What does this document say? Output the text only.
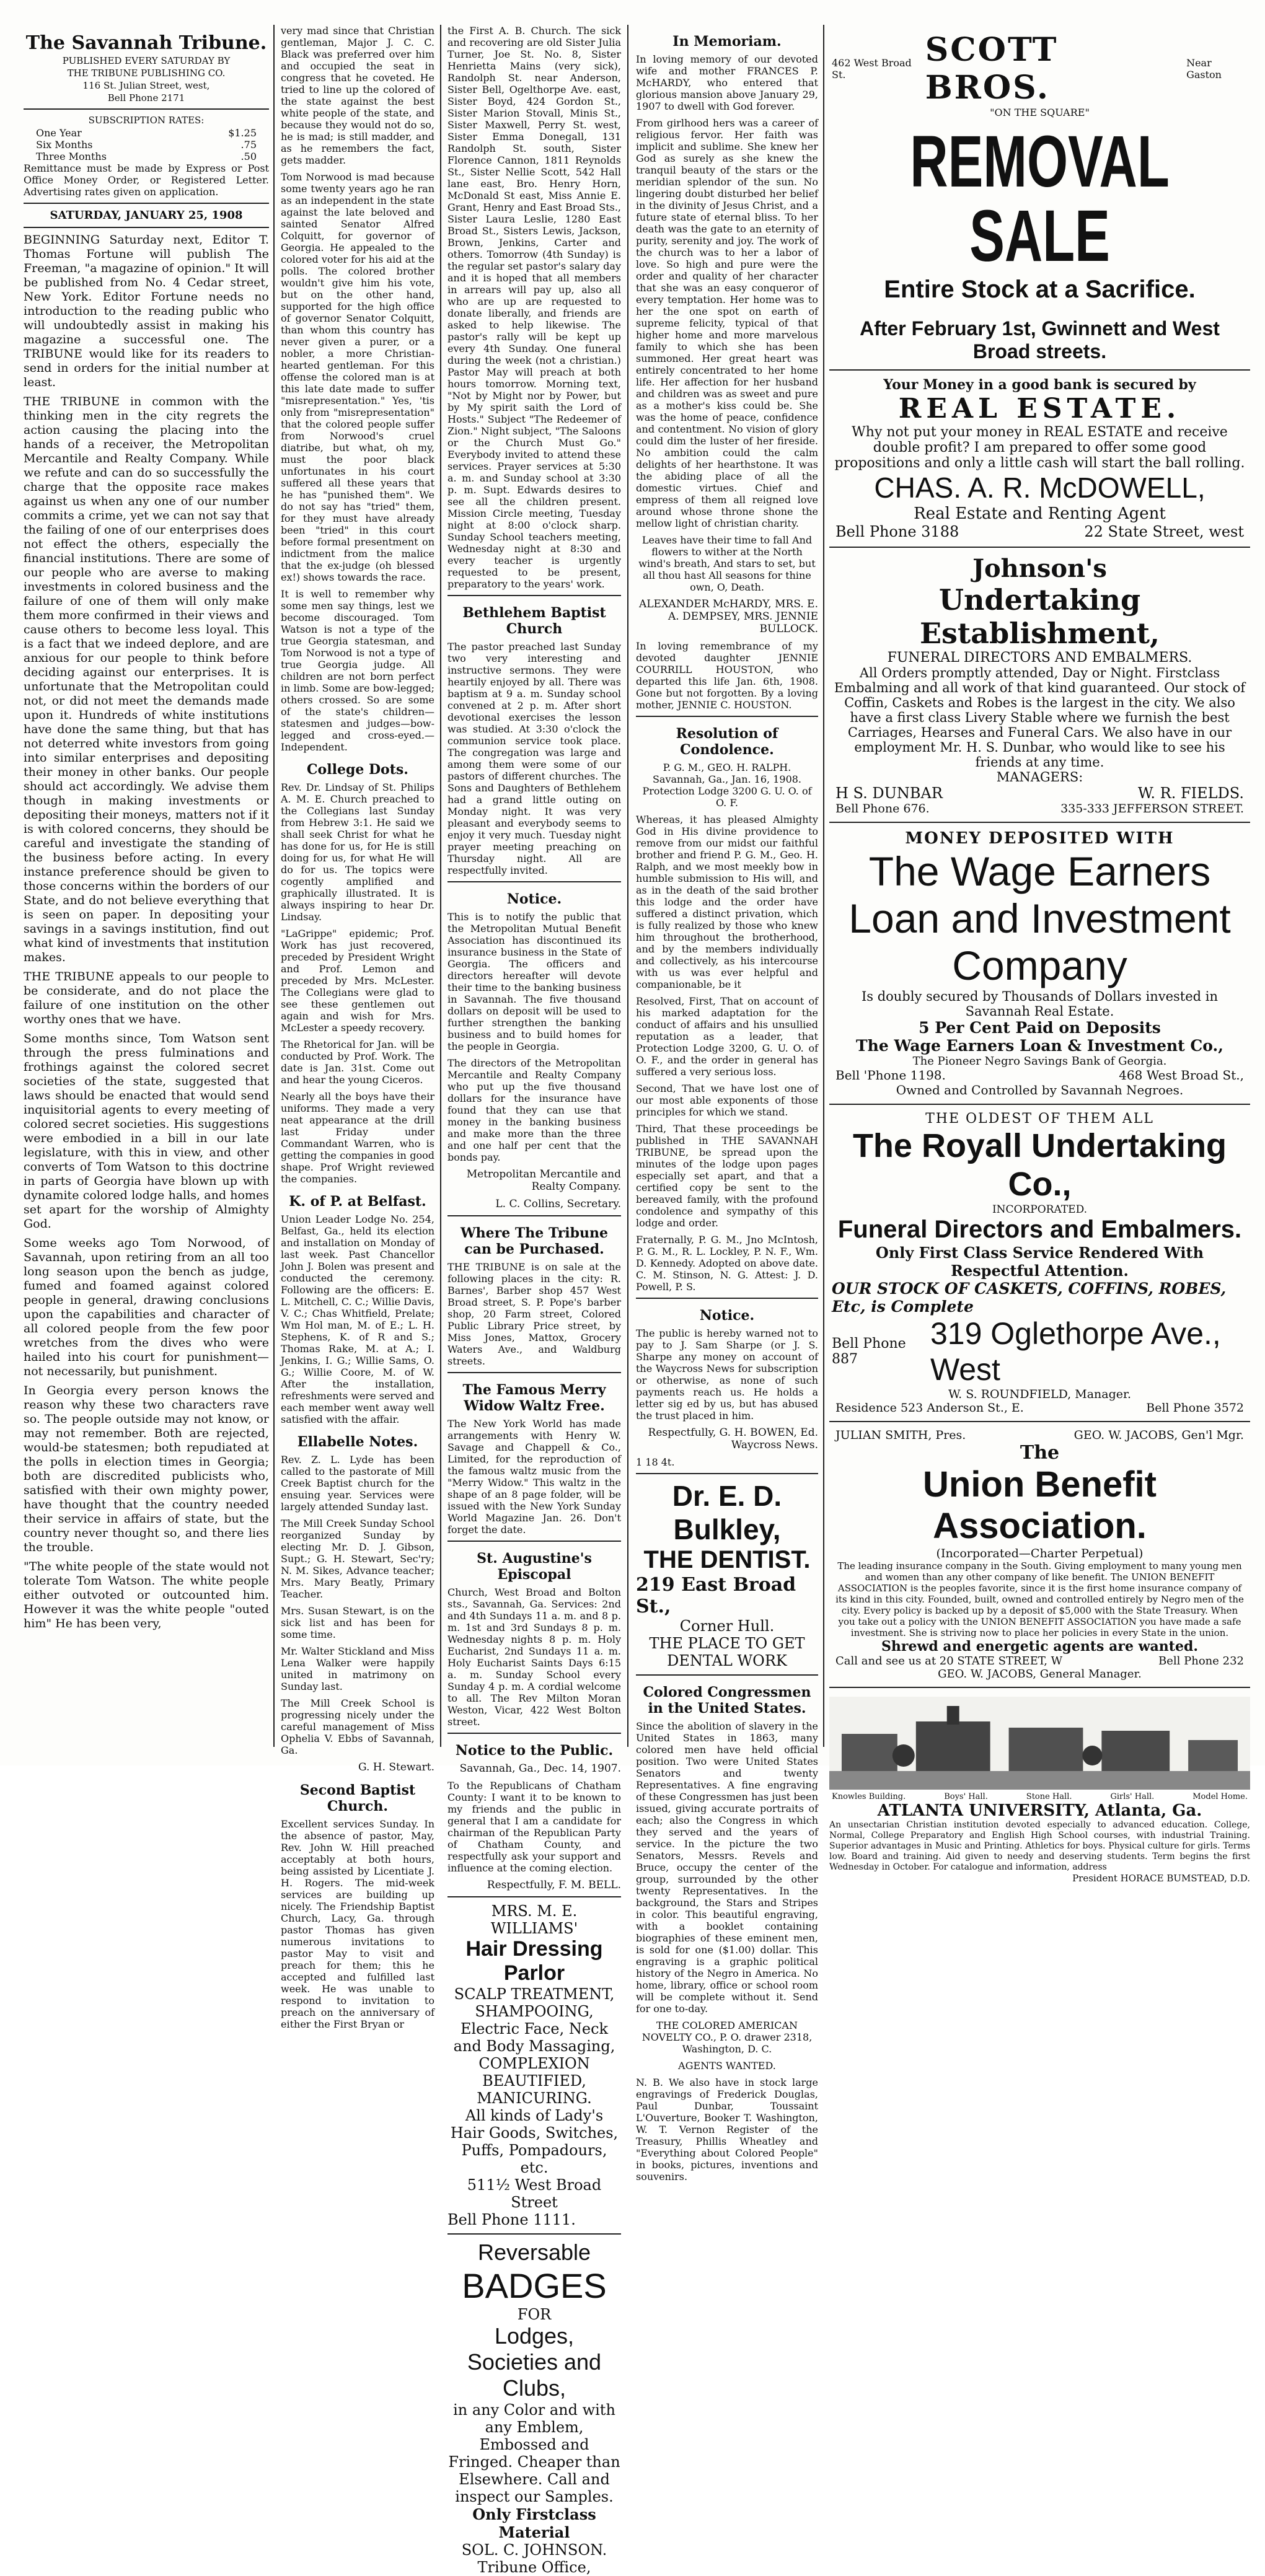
The Savannah Tribune.
PUBLISHED EVERY SATURDAY BY
THE TRIBUNE PUBLISHING CO.
116 St. Julian Street, west,
Bell Phone 2171
SUBSCRIPTION RATES:
One Year	$1.25
Six Months	.75
Three Months	.50

Remittance must be made by Express or Post Office Money Order, or Registered Letter. Advertising rates given on application.

SATURDAY, JANUARY 25, 1908

BEGINNING Saturday next, Editor T. Thomas Fortune will publish The Freeman, "a magazine of opinion." It will be published from No. 4 Cedar street, New York. Editor Fortune needs no introduction to the reading public who will undoubtedly assist in making his magazine a successful one. The TRIBUNE would like for its readers to send in orders for the initial number at least.

THE TRIBUNE in common with the thinking men in the city regrets the action causing the placing into the hands of a receiver, the Metropolitan Mercantile and Realty Company. While we refute and can do so successfully the charge that the opposite race makes against us when any one of our number commits a crime, yet we can not say that the failing of one of our enterprises does not effect the others, especially the financial institutions. There are some of our people who are averse to making investments in colored business and the failure of one of them will only make them more confirmed in their views and cause others to become less loyal. This is a fact that we indeed deplore, and are anxious for our people to think before deciding against our enterprises. It is unfortunate that the Metropolitan could not, or did not meet the demands made upon it. Hundreds of white institutions have done the same thing, but that has not deterred white investors from going into similar enterprises and depositing their money in other banks. Our people should act accordingly. We advise them though in making investments or depositing their moneys, matters not if it is with colored concerns, they should be careful and investigate the standing of the business before acting. In every instance preference should be given to those concerns within the borders of our State, and do not believe everything that is seen on paper. In depositing your savings in a savings institution, find out what kind of investments that institution makes.

THE TRIBUNE appeals to our people to be considerate, and do not place the failure of one institution on the other worthy ones that we have.

Some months since, Tom Watson sent through the press fulminations and frothings against the colored secret societies of the state, suggested that laws should be enacted that would send inquisitorial agents to every meeting of colored secret societies. His suggestions were embodied in a bill in our late legislature, with this in view, and other converts of Tom Watson to this doctrine in parts of Georgia have blown up with dynamite colored lodge halls, and homes set apart for the worship of Almighty God.

Some weeks ago Tom Norwood, of Savannah, upon retiring from an all too long season upon the bench as judge, fumed and foamed against colored people in general, drawing conclusions upon the capabilities and character of all colored people from the few poor wretches from the dives who were hailed into his court for punishment—not necessarily, but punishment.

In Georgia every person knows the reason why these two characters rave so. The people outside may not know, or may not remember. Both are rejected, would-be statesmen; both repudiated at the polls in election times in Georgia; both are discredited publicists who, satisfied with their own mighty power, have thought that the country needed their service in affairs of state, but the country never thought so, and there lies the trouble.

"The white people of the state would not tolerate Tom Watson. The white people either outvoted or outcounted him. However it was the white people "outed him" He has been very,

very mad since that Christian gentleman, Major J. C. C. Black was preferred over him and occupied the seat in congress that he coveted. He tried to line up the colored of the state against the best white people of the state, and because they would not do so, he is mad; is still madder, and as he remembers the fact, gets madder.

Tom Norwood is mad because some twenty years ago he ran as an independent in the state against the late beloved and sainted Senator Alfred Colquitt, for governor of Georgia. He appealed to the colored voter for his aid at the polls. The colored brother wouldn't give him his vote, but on the other hand, supported for the high office of governor Senator Colquitt, than whom this country has never given a purer, or a nobler, a more Christian-hearted gentleman. For this offense the colored man is at this late date made to suffer "misrepresentation." Yes, 'tis only from "misrepresentation" that the colored people suffer from Norwood's cruel diatribe, but what, oh my, must the poor black unfortunates in his court suffered all these years that he has "punished them". We do not say has "tried" them, for they must have already been "tried" in this court before formal presentment on indictment from the malice that the ex-judge (oh blessed ex!) shows towards the race.

It is well to remember why some men say things, lest we become discouraged. Tom Watson is not a type of the true Georgia statesman, and Tom Norwood is not a type of true Georgia judge. All children are not born perfect in limb. Some are bow-legged; others crossed. So are some of the state's children—statesmen and judges—bow-legged and cross-eyed.—Independent.

College Dots.

Rev. Dr. Lindsay of St. Philips A. M. E. Church preached to the Collegians last Sunday from Hebrew 3:1. He said we shall seek Christ for what he has done for us, for He is still doing for us, for what He will do for us. The topics were cogently amplified and graphically illustrated. It is always inspiring to hear Dr. Lindsay.

"LaGrippe" epidemic; Prof. Work has just recovered, preceded by President Wright and Prof. Lemon and preceded by Mrs. McLester. The Collegians were glad to see these gentlemen out again and wish for Mrs. McLester a speedy recovery.

The Rhetorical for Jan. will be conducted by Prof. Work. The date is Jan. 31st. Come out and hear the young Ciceros.

Nearly all the boys have their uniforms. They made a very neat appearance at the drill last Friday under Commandant Warren, who is getting the companies in good shape. Prof Wright reviewed the companies.

K. of P. at Belfast.

Union Leader Lodge No. 254, Belfast, Ga., held its election and installation on Monday of last week. Past Chancellor John J. Bolen was present and conducted the ceremony. Following are the officers: E. L. Mitchell, C. C.; Willie Davis, V. C.; Chas Whitfield, Prelate; Wm Hol man, M. of E.; L. H. Stephens, K. of R and S.; Thomas Rake, M. at A.; I. Jenkins, I. G.; Willie Sams, O. G.; Willie Coore, M. of W. After the installation, refreshments were served and each member went away well satisfied with the affair.

Ellabelle Notes.

Rev. Z. L. Lyde has been called to the pastorate of Mill Creek Baptist church for the ensuing year. Services were largely attended Sunday last.

The Mill Creek Sunday School reorganized Sunday by electing Mr. D. J. Gibson, Supt.; G. H. Stewart, Sec'ry; N. M. Sikes, Advance teacher; Mrs. Mary Beatly, Primary Teacher.

Mrs. Susan Stewart, is on the sick list and has been for some time.

Mr. Walter Stickland and Miss Lena Walker were happily united in matrimony on Sunday last.

The Mill Creek School is progressing nicely under the careful management of Miss Ophelia V. Ebbs of Savannah, Ga.

G. H. Stewart.
Second Baptist Church.

Excellent services Sunday. In the absence of pastor, May, Rev. John W. Hill preached acceptably at both hours, being assisted by Licentiate J. H. Rogers. The mid-week services are building up nicely. The Friendship Baptist Church, Lacy, Ga. through pastor Thomas has given numerous invitations to pastor May to visit and preach for them; this he accepted and fulfilled last week. He was unable to respond to invitation to preach on the anniversary of either the First Bryan or

the First A. B. Church. The sick and recovering are old Sister Julia Turner, Joe St. No. 8, Sister Henrietta Mains (very sick), Randolph St. near Anderson, Sister Bell, Ogelthorpe Ave. east, Sister Boyd, 424 Gordon St., Sister Marion Stovall, Minis St., Sister Maxwell, Perry St. west, Sister Emma Donegall, 131 Randolph St. south, Sister Florence Cannon, 1811 Reynolds St., Sister Nellie Scott, 542 Hall lane east, Bro. Henry Horn, McDonald St east, Miss Annie E. Grant, Henry and East Broad Sts., Sister Laura Leslie, 1280 East Broad St., Sisters Lewis, Jackson, Brown, Jenkins, Carter and others. Tomorrow (4th Sunday) is the regular set pastor's salary day and it is hoped that all members in arrears will pay up, also all who are up are requested to donate liberally, and friends are asked to help likewise. The pastor's rally will be kept up every 4th Sunday. One funeral during the week (not a christian.) Pastor May will preach at both hours tomorrow. Morning text, "Not by Might nor by Power, but by My spirit saith the Lord of Hosts." Subject "The Redeemer of Zion." Night subject, "The Saloons or the Church Must Go." Everybody invited to attend these services. Prayer services at 5:30 a. m. and Sunday school at 3:30 p. m. Supt. Edwards desires to see all the children present. Mission Circle meeting, Tuesday night at 8:00 o'clock sharp. Sunday School teachers meeting, Wednesday night at 8:30 and every teacher is urgently requested to be present, preparatory to the years' work.

Bethlehem Baptist Church

The pastor preached last Sunday two very interesting and instructive sermons. They were heartily enjoyed by all. There was baptism at 9 a. m. Sunday school convened at 2 p. m. After short devotional exercises the lesson was studied. At 3:30 o'clock the communion service took place. The congregation was large and among them were some of our pastors of different churches. The Sons and Daughters of Bethlehem had a grand little outing on Monday night. It was very pleasant and everybody seems to enjoy it very much. Tuesday night prayer meeting preaching on Thursday night. All are respectfully invited.

Notice.

This is to notify the public that the Metropolitan Mutual Benefit Association has discontinued its insurance business in the State of Georgia. The officers and directors hereafter will devote their time to the banking business in Savannah. The five thousand dollars on deposit will be used to further strengthen the banking business and to build homes for the people in Georgia.

The directors of the Metropolitan Mercantile and Realty Company who put up the five thousand dollars for the insurance have found that they can use that money in the banking business and make more than the three and one half per cent that the bonds pay.

Metropolitan Mercantile and Realty Company.
L. C. Collins, Secretary.
Where The Tribune can be Purchased.

THE TRIBUNE is on sale at the following places in the city: R. Barnes', Barber shop 457 West Broad street, S. P. Pope's barber shop, 20 Farm street, Colored Public Library Price street, by Miss Jones, Mattox, Grocery Waters Ave., and Waldburg streets.

The Famous Merry Widow Waltz Free.

The New York World has made arrangements with Henry W. Savage and Chappell & Co., Limited, for the reproduction of the famous waltz music from the "Merry Widow." This waltz in the shape of an 8 page folder, will be issued with the New York Sunday World Magazine Jan. 26. Don't forget the date.

St. Augustine's Episcopal

Church, West Broad and Bolton sts., Savannah, Ga. Services: 2nd and 4th Sundays 11 a. m. and 8 p. m. 1st and 3rd Sundays 8 p. m. Wednesday nights 8 p. m. Holy Eucharist, 2nd Sundays 11 a. m. Holy Eucharist Saints Days 6:15 a. m. Sunday School every Sunday 4 p. m. A cordial welcome to all. The Rev Milton Moran Weston, Vicar, 422 West Bolton street.

Notice to the Public.
Savannah, Ga., Dec. 14, 1907.

To the Republicans of Chatham County: I want it to be known to my friends and the public in general that I am a candidate for chairman of the Republican Party of Chatham County, and respectfully ask your support and influence at the coming election.

Respectfully, F. M. BELL.
MRS. M. E. WILLIAMS'
Hair Dressing Parlor
SCALP TREATMENT,
SHAMPOOING,
Electric Face, Neck and Body Massaging,
COMPLEXION BEAUTIFIED,
MANICURING.
All kinds of Lady's Hair Goods, Switches, Puffs, Pompadours, etc.
511½ West Broad Street
Bell Phone 1111.
Reversable
BADGES
FOR
Lodges, Societies and Clubs,
in any Color and with any Emblem, Embossed and Fringed. Cheaper than Elsewhere. Call and inspect our Samples.
Only Firstclass Material
SOL. C. JOHNSON.
Tribune Office,
In Memoriam.

In loving memory of our devoted wife and mother FRANCES P. McHARDY, who entered that glorious mansion above January 29, 1907 to dwell with God forever.

From girlhood hers was a career of religious fervor. Her faith was implicit and sublime. She knew her God as surely as she knew the tranquil beauty of the stars or the meridian splendor of the sun. No lingering doubt disturbed her belief in the divinity of Jesus Christ, and a future state of eternal bliss. To her death was the gate to an eternity of purity, serenity and joy. The work of the church was to her a labor of love. So high and pure were the order and quality of her character that she was an easy conqueror of every temptation. Her home was to her the one spot on earth of supreme felicity, typical of that higher home and more marvelous family to which she has been summoned. Her great heart was entirely concentrated to her home life. Her affection for her husband and children was as sweet and pure as a mother's kiss could be. She was the home of peace, confidence and contentment. No vision of glory could dim the luster of her fireside. No ambition could the calm delights of her hearthstone. It was the abiding place of all the domestic virtues. Chief and empress of them all reigned love around whose throne shone the mellow light of christian charity.

Leaves have their time to fall And flowers to wither at the North wind's breath, And stars to set, but all thou hast All seasons for thine own, O, Death.

ALEXANDER McHARDY, MRS. E. A. DEMPSEY, MRS. JENNIE BULLOCK.

In loving remembrance of my devoted daughter JENNIE COURRILL HOUSTON, who departed this life Jan. 6th, 1908. Gone but not forgotten. By a loving mother, JENNIE C. HOUSTON.

Resolution of Condolence.

P. G. M., GEO. H. RALPH. Savannah, Ga., Jan. 16, 1908. Protection Lodge 3200 G. U. O. of O. F.

Whereas, it has pleased Almighty God in His divine providence to remove from our midst our faithful brother and friend P. G. M., Geo. H. Ralph, and we most meekly bow in humble submission to His will, and as in the death of the said brother this lodge and the order have suffered a distinct privation, which is fully realized by those who knew him throughout the brotherhood, and by the members individually and collectively, as his intercourse with us was ever helpful and companionable, be it

Resolved, First, That on account of his marked adaptation for the conduct of affairs and his unsullied reputation as a leader, that Protection Lodge 3200, G. U. O. of O. F., and the order in general has suffered a very serious loss.

Second, That we have lost one of our most able exponents of those principles for which we stand.

Third, That these proceedings be published in THE SAVANNAH TRIBUNE, be spread upon the minutes of the lodge upon pages especially set apart, and that a certified copy be sent to the bereaved family, with the profound condolence and sympathy of this lodge and order.

Fraternally, P. G. M., Jno McIntosh, P. G. M., R. L. Lockley, P. N. F., Wm. D. Kennedy. Adopted on above date. C. M. Stinson, N. G. Attest: J. D. Powell, P. S.

Notice.

The public is hereby warned not to pay to J. Sam Sharpe (or J. S. Sharpe any money on account of the Waycross News for subscription or otherwise, as none of such payments reach us. He holds a letter sig ed by us, but has abused the trust placed in him.

Respectfully, G. H. BOWEN, Ed. Waycross News.
1 18 4t.
Dr. E. D. Bulkley,
THE DENTIST.
219 East Broad St.,
Corner Hull.
THE PLACE TO GET DENTAL WORK
Colored Congressmen in the United States.

Since the abolition of slavery in the United States in 1863, many colored men have held official position. Two were United States Senators and twenty Representatives. A fine engraving of these Congressmen has just been issued, giving accurate portraits of each; also the Congress in which they served and the years of service. In the picture the two Senators, Messrs. Revels and Bruce, occupy the center of the group, surrounded by the other twenty Representatives. In the background, the Stars and Stripes in color. This beautiful engraving, with a booklet containing biographies of these eminent men, is sold for one ($1.00) dollar. This engraving is a graphic political history of the Negro in America. No home, library, office or school room will be complete without it. Send for one to-day.

THE COLORED AMERICAN NOVELTY CO., P. O. drawer 2318, Washington, D. C.

AGENTS WANTED.

N. B. We also have in stock large engravings of Frederick Douglas, Paul Dunbar, Toussaint L'Ouverture, Booker T. Washington, W. T. Vernon Register of the Treasury, Phillis Wheatley and "Everything about Colored People" in books, pictures, inventions and souvenirs.

462 West Broad St.
SCOTT BROS.
Near Gaston
"ON THE SQUARE"
REMOVAL SALE
Entire Stock at a Sacrifice.
After February 1st, Gwinnett and West Broad streets.
Your Money in a good bank is secured by
REAL ESTATE.
Why not put your money in REAL ESTATE and receive double profit? I am prepared to offer some good propositions and only a little cash will start the ball rolling.
CHAS. A. R. McDOWELL,
Real Estate and Renting Agent
Bell Phone 3188	22 State Street, west
Johnson's
Undertaking Establishment,
FUNERAL DIRECTORS AND EMBALMERS.
All Orders promptly attended, Day or Night. Firstclass Embalming and all work of that kind guaranteed. Our stock of Coffin, Caskets and Robes is the largest in the city. We also have a first class Livery Stable where we furnish the best Carriages, Hearses and Funeral Cars. We also have in our employment Mr. H. S. Dunbar, who would like to see his friends at any time.
MANAGERS:
H S. DUNBAR	W. R. FIELDS.
Bell Phone 676.	335-333 JEFFERSON STREET.
MONEY DEPOSITED WITH
The Wage Earners Loan and Investment Company
Is doubly secured by Thousands of Dollars invested in Savannah Real Estate.
5 Per Cent Paid on Deposits
The Wage Earners Loan & Investment Co.,
The Pioneer Negro Savings Bank of Georgia.
Bell 'Phone 1198.	468 West Broad St.,
Owned and Controlled by Savannah Negroes.
THE OLDEST OF THEM ALL
The Royall Undertaking Co.,
INCORPORATED.
Funeral Directors and Embalmers.
Only First Class Service Rendered With
Respectful Attention.
OUR STOCK OF CASKETS, COFFINS, ROBES, Etc, is Complete
Bell Phone 887
319 Oglethorpe Ave., West
W. S. ROUNDFIELD, Manager.
Residence 523 Anderson St., E.	Bell Phone 3572
JULIAN SMITH, Pres.	GEO. W. JACOBS, Gen'l Mgr.
The
Union Benefit Association.
(Incorporated—Charter Perpetual)
The leading insurance company in the South. Giving employment to many young men and women than any other company of like benefit. The UNION BENEFIT ASSOCIATION is the peoples favorite, since it is the first home insurance company of its kind in this city. Founded, built, owned and controlled entirely by Negro men of the city. Every policy is backed up by a deposit of $5,000 with the State Treasury. When you take out a policy with the UNION BENEFIT ASSOCIATION you have made a safe investment. She is striving now to place her policies in every State in the union.
Shrewd and energetic agents are wanted.
Call and see us at 20 STATE STREET, W	Bell Phone 232
GEO. W. JACOBS, General Manager.
Knowles Building.	Boys' Hall.	Stone Hall.	Girls' Hall.	Model Home.
ATLANTA UNIVERSITY, Atlanta, Ga.
An unsectarian Christian institution devoted especially to advanced education. College, Normal, College Preparatory and English High School courses, with industrial Training. Superior advantages in Music and Printing. Athletics for boys. Physical culture for girls. Terms low. Board and training. Aid given to needy and deserving students. Term begins the first Wednesday in October. For catalogue and information, address
President HORACE BUMSTEAD, D.D.
